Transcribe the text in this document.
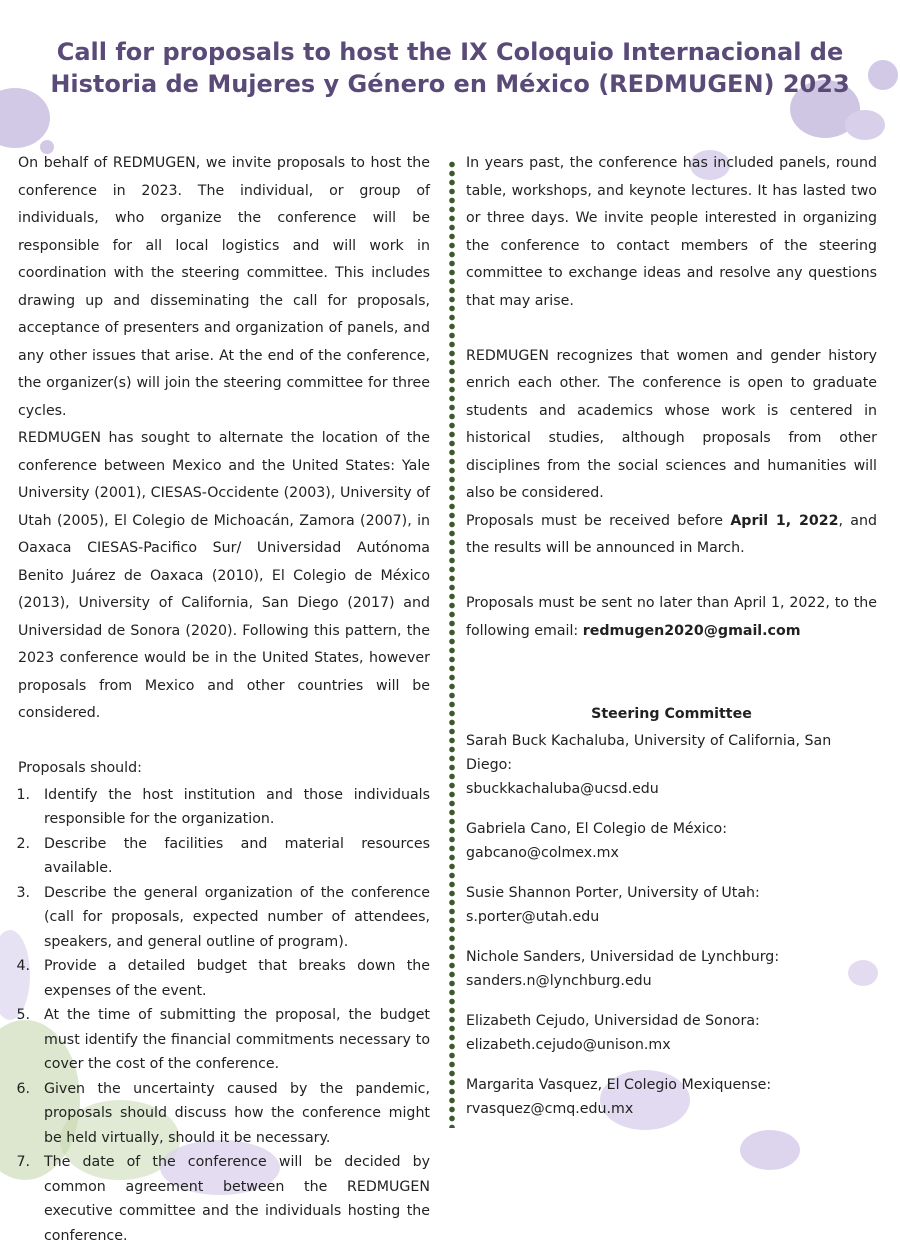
Call for proposals to host the IX Coloquio Internacional de
Historia de Mujeres y Género en México (REDMUGEN) 2023

On behalf of REDMUGEN, we invite proposals to host the conference in 2023. The individual, or group of individuals, who organize the conference will be responsible for all local logistics and will work in coordination with the steering committee. This includes drawing up and disseminating the call for proposals, acceptance of presenters and organization of panels, and any other issues that arise. At the end of the conference, the organizer(s) will join the steering committee for three cycles.

REDMUGEN has sought to alternate the location of the conference between Mexico and the United States: Yale University (2001), CIESAS-Occidente (2003), University of Utah (2005), El Colegio de Michoacán, Zamora (2007), in Oaxaca CIESAS-Pacifico Sur/ Universidad Autónoma Benito Juárez de Oaxaca (2010), El Colegio de México (2013), University of California, San Diego (2017) and Universidad de Sonora (2020). Following this pattern, the 2023 conference would be in the United States, however proposals from Mexico and other countries will be considered.

Proposals should:

1. Identify the host institution and those individuals responsible for the organization.
2. Describe the facilities and material resources available.
3. Describe the general organization of the conference (call for proposals, expected number of attendees, speakers, and general outline of program).
4. Provide a detailed budget that breaks down the expenses of the event.
5. At the time of submitting the proposal, the budget must identify the financial commitments necessary to cover the cost of the conference.
6. Given the uncertainty caused by the pandemic, proposals should discuss how the conference might be held virtually, should it be necessary.
7. The date of the conference will be decided by common agreement between the REDMUGEN executive committee and the individuals hosting the conference.

In years past, the conference has included panels, round table, workshops, and keynote lectures. It has lasted two or three days. We invite people interested in organizing the conference to contact members of the steering committee to exchange ideas and resolve any questions that may arise.

REDMUGEN recognizes that women and gender history enrich each other. The conference is open to graduate students and academics whose work is centered in historical studies, although proposals from other disciplines from the social sciences and humanities will also be considered.

Proposals must be received before April 1, 2022, and the results will be announced in March.

Proposals must be sent no later than April 1, 2022, to the following email: redmugen2020@gmail.com

Steering Committee

Sarah Buck Kachaluba, University of California, San Diego:
sbuckkachaluba@ucsd.edu
Gabriela Cano, El Colegio de México:
gabcano@colmex.mx
Susie Shannon Porter, University of Utah:
s.porter@utah.edu
Nichole Sanders, Universidad de Lynchburg:
sanders.n@lynchburg.edu
Elizabeth Cejudo, Universidad de Sonora:
elizabeth.cejudo@unison.mx
Margarita Vasquez, El Colegio Mexiquense:
rvasquez@cmq.edu.mx
